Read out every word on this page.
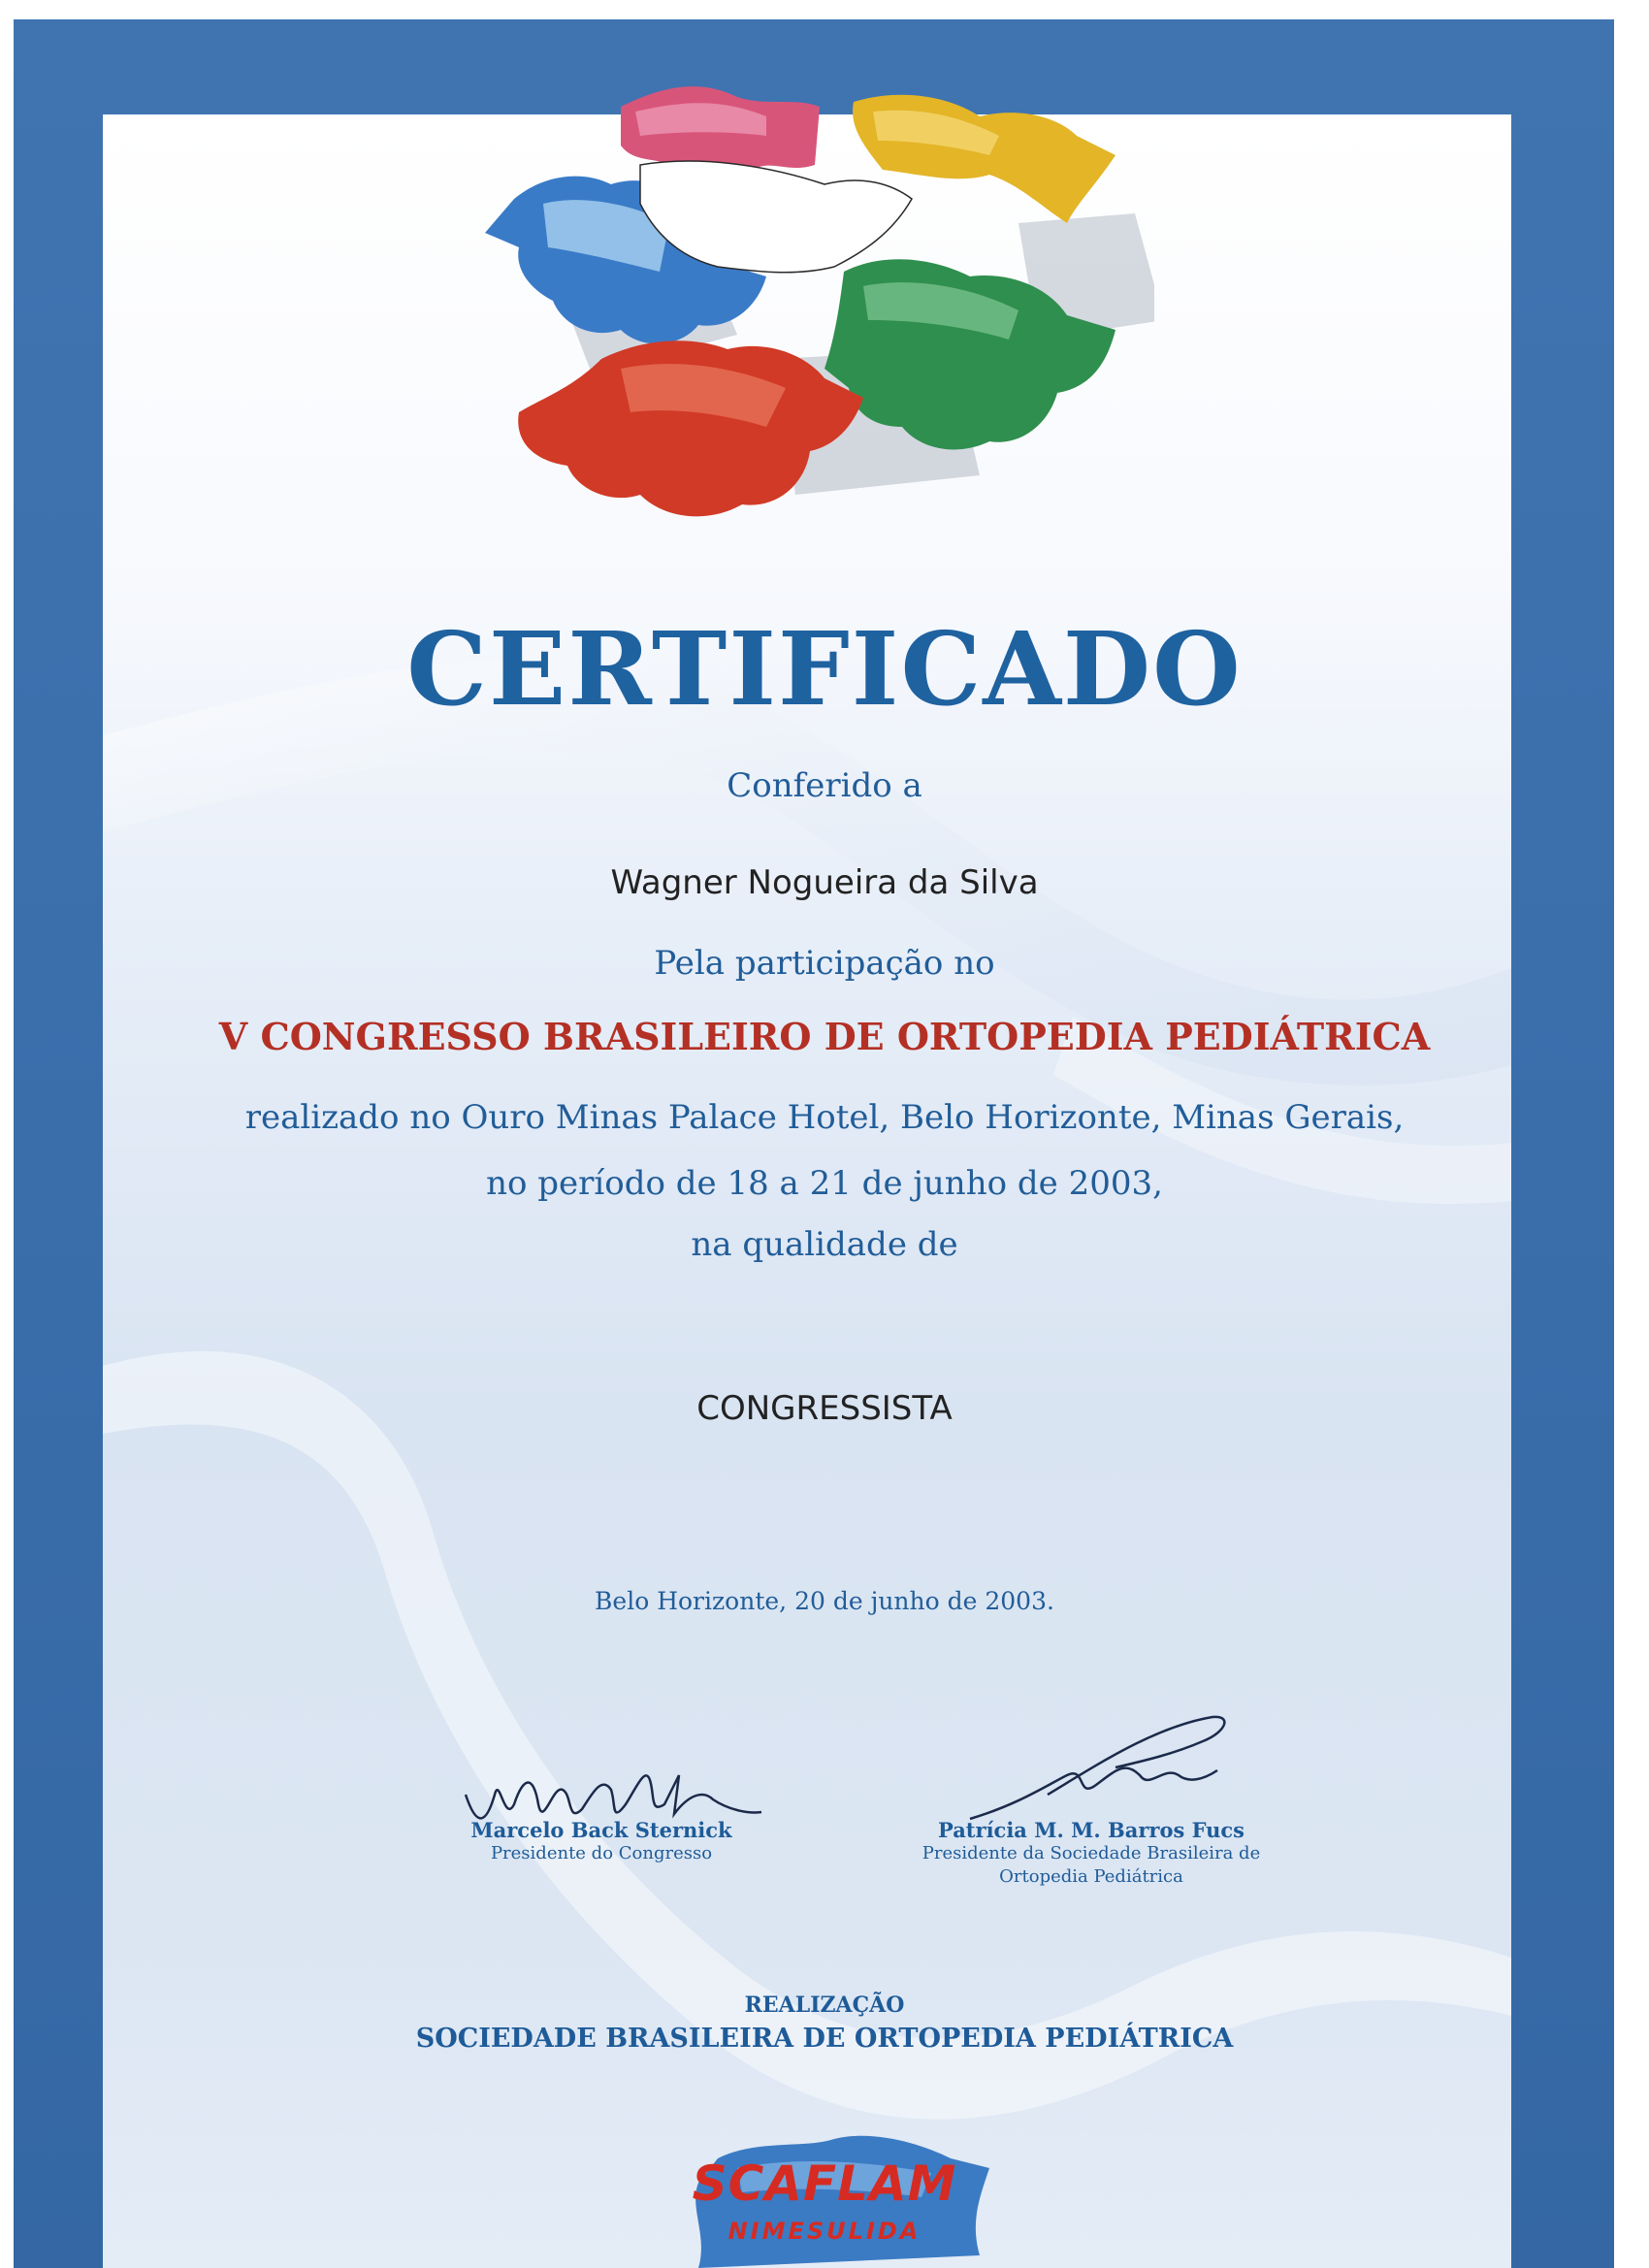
CERTIFICADO
Conferido a
Wagner Nogueira da Silva
Pela participação no
V CONGRESSO BRASILEIRO DE ORTOPEDIA PEDIÁTRICA
realizado no Ouro Minas Palace Hotel, Belo Horizonte, Minas Gerais,
no período de 18 a 21 de junho de 2003,
na qualidade de
CONGRESSISTA
Belo Horizonte, 20 de junho de 2003.
Marcelo Back Sternick
Presidente do Congresso
Patrícia M. M. Barros Fucs
Presidente da Sociedade Brasileira de
Ortopedia Pediátrica
REALIZAÇÃO
SOCIEDADE BRASILEIRA DE ORTOPEDIA PEDIÁTRICA
SCAFLAM
NIMESULIDA
